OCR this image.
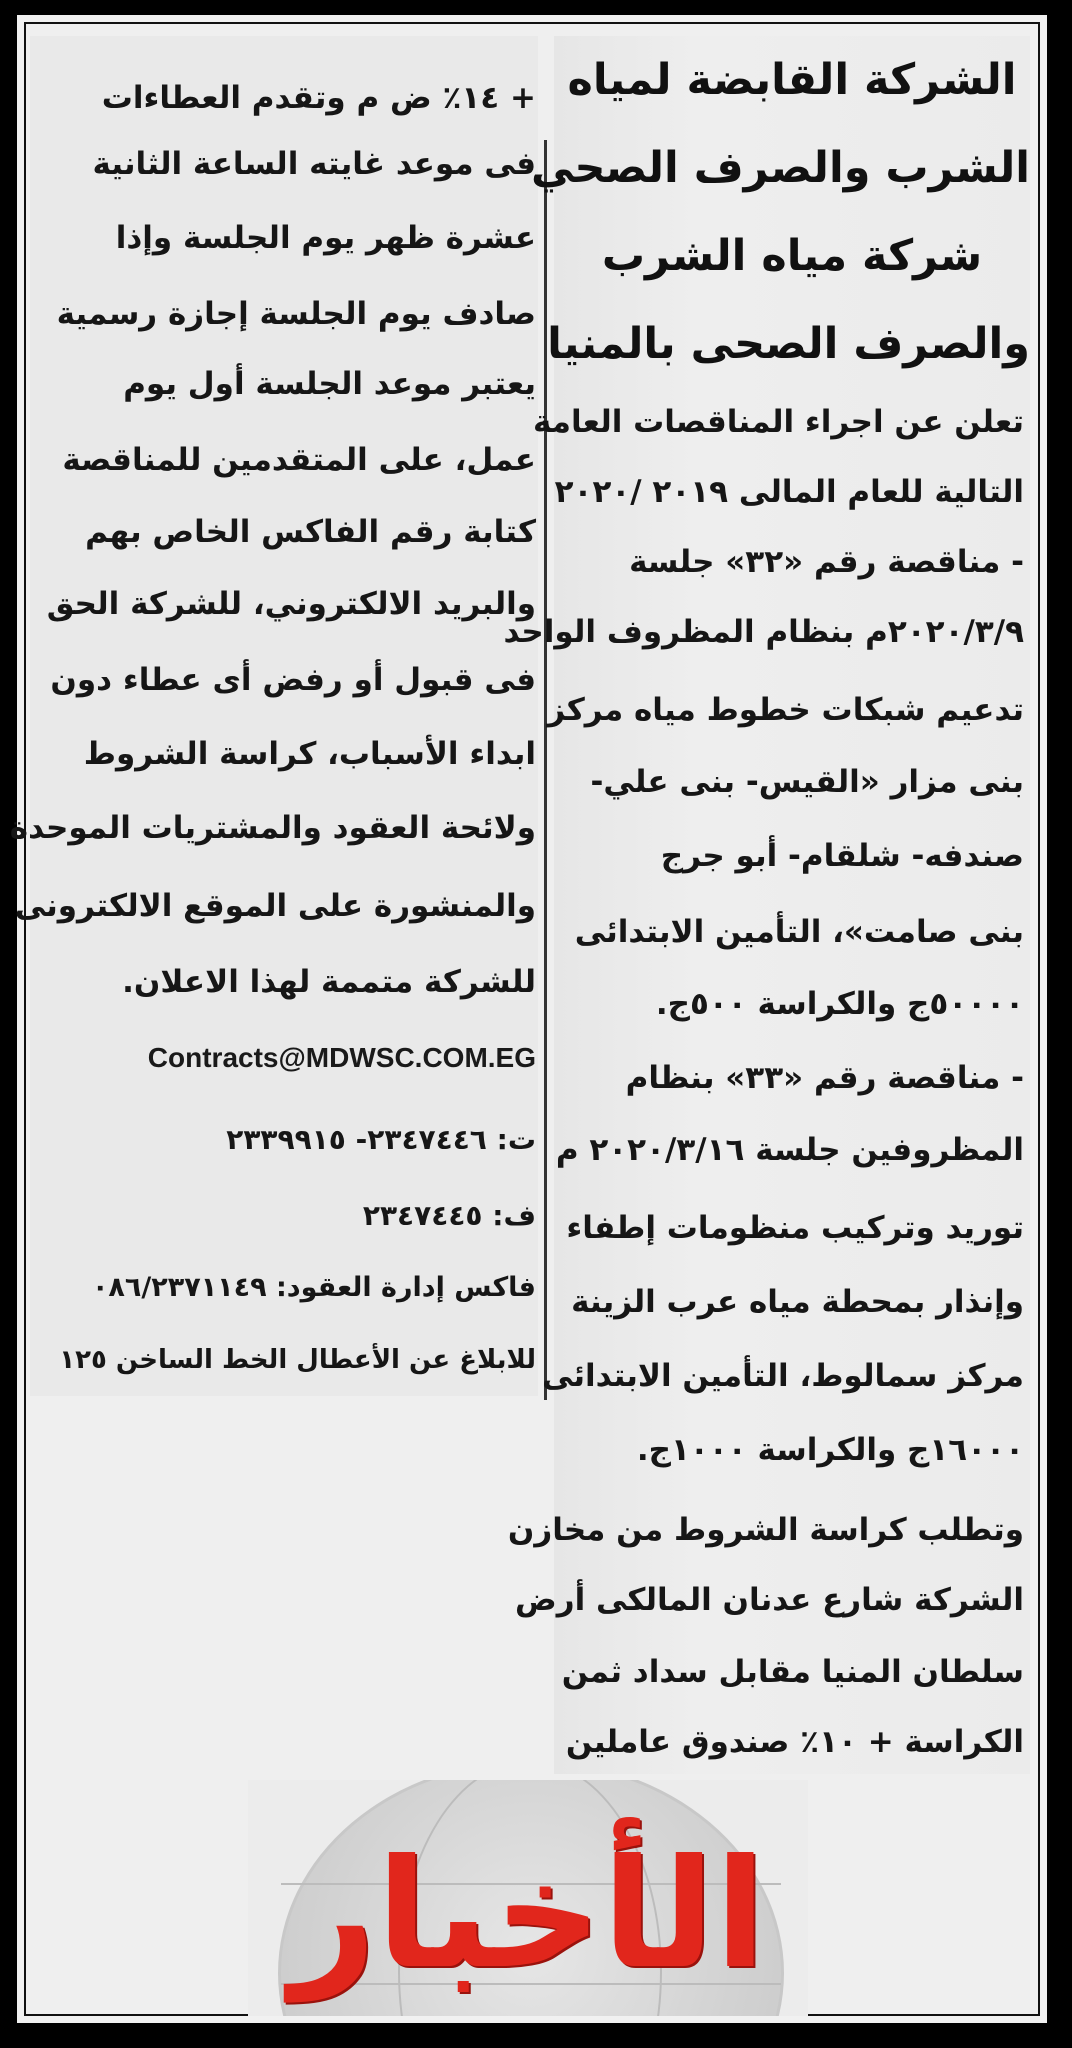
الشركة القابضة لمياه
الشرب والصرف الصحي
شركة مياه الشرب
والصرف الصحى بالمنيا
تعلن عن اجراء المناقصات العامة
التالية للعام المالى ٢٠١٩ /٢٠٢٠
- مناقصة رقم «٣٢» جلسة
٢٠٢٠/٣/٩م بنظام المظروف الواحد
تدعيم شبكات خطوط مياه مركز
بنى مزار «القيس- بنى علي-
صندفه- شلقام- أبو جرج
بنى صامت»، التأمين الابتدائى
٥٠٠٠٠ج والكراسة ٥٠٠ج.
- مناقصة رقم «٣٣» بنظام
المظروفين جلسة ٢٠٢٠/٣/١٦ م
توريد وتركيب منظومات إطفاء
وإنذار بمحطة مياه عرب الزينة
مركز سمالوط، التأمين الابتدائى
١٦٠٠٠ج والكراسة ١٠٠٠ج.
وتطلب كراسة الشروط من مخازن
الشركة شارع عدنان المالكى أرض
سلطان المنيا مقابل سداد ثمن
الكراسة + ١٠٪ صندوق عاملين
+ ١٤٪ ض م وتقدم العطاءات
فى موعد غايته الساعة الثانية
عشرة ظهر يوم الجلسة وإذا
صادف يوم الجلسة إجازة رسمية
يعتبر موعد الجلسة أول يوم
عمل، على المتقدمين للمناقصة
كتابة رقم الفاكس الخاص بهم
والبريد الالكتروني، للشركة الحق
فى قبول أو رفض أى عطاء دون
ابداء الأسباب، كراسة الشروط
ولائحة العقود والمشتريات الموحدة
والمنشورة على الموقع الالكترونى
للشركة متممة لهذا الاعلان.
Contracts@MDWSC.COM.EG
ت: ٢٣٤٧٤٤٦- ٢٣٣٩٩١٥
ف: ٢٣٤٧٤٤٥
فاكس إدارة العقود: ٠٨٦/٢٣٧١١٤٩
للابلاغ عن الأعطال الخط الساخن ١٢٥
الأخبار
